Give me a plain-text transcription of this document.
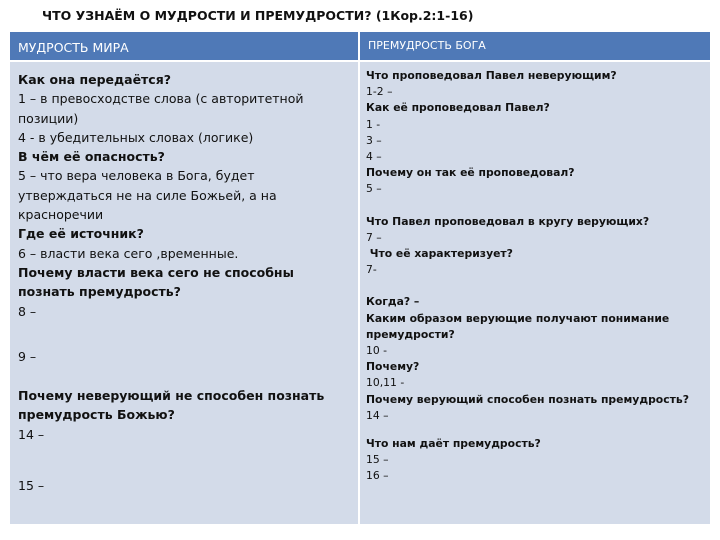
ЧТО УЗНАЁМ О МУДРОСТИ И ПРЕМУДРОСТИ? (1Кор.2:1-16)
МУДРОСТЬ МИРА	ПРЕМУДРОСТЬ БОГА
Как она передаётся?
1 – в превосходстве слова (с авторитетной позиции)
4 - в убедительных словах (логике)
В чём её опасность?
5 – что вера человека в Бога, будет утверждаться не на силе Божьей, а на красноречии
Где её источник?
6 – власти века сего ,временные.
Почему власти века сего не способны познать премудрость?
8 –
9 –
Почему неверующий не способен познать премудрость Божью?
14 –
15 –
Что проповедовал Павел неверующим?
1-2 –
Как её проповедовал Павел?
1 -
3 –
4 –
Почему он так её проповедовал?
5 –
Что Павел проповедовал в кругу верующих?
7 –
Что её характеризует?
7-
Когда? –
Каким образом верующие получают понимание премудрости?
10 -
Почему?
10,11 -
Почему верующий способен познать премудрость?
14 –
Что нам даёт премудрость?
15 –
16 –
